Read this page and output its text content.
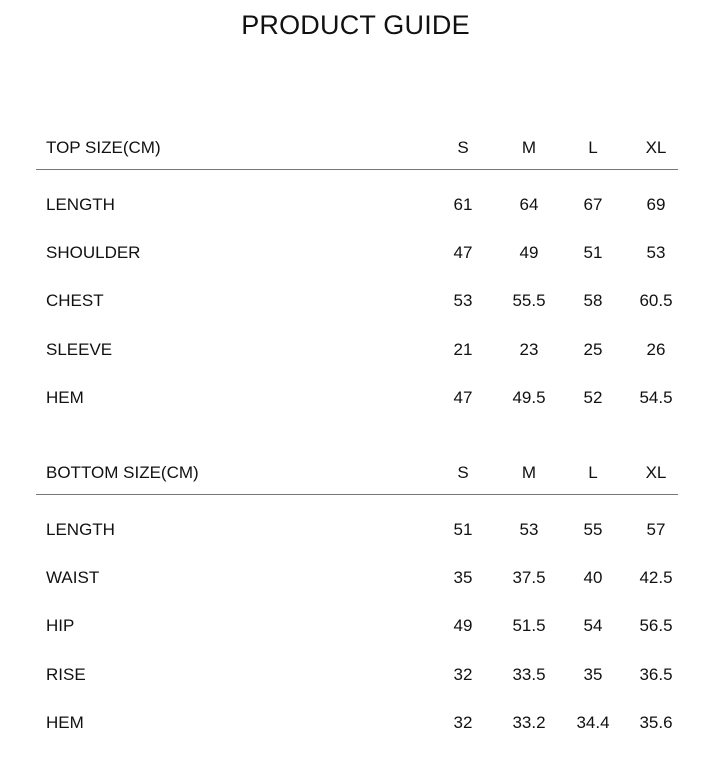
PRODUCT GUIDE
TOP SIZE(CM)	S	M	L	XL
LENGTH	61	64	67	69
SHOULDER	47	49	51	53
CHEST	53	55.5	58	60.5
SLEEVE	21	23	25	26
HEM	47	49.5	52	54.5
BOTTOM SIZE(CM)	S	M	L	XL
LENGTH	51	53	55	57
WAIST	35	37.5	40	42.5
HIP	49	51.5	54	56.5
RISE	32	33.5	35	36.5
HEM	32	33.2	34.4	35.6
